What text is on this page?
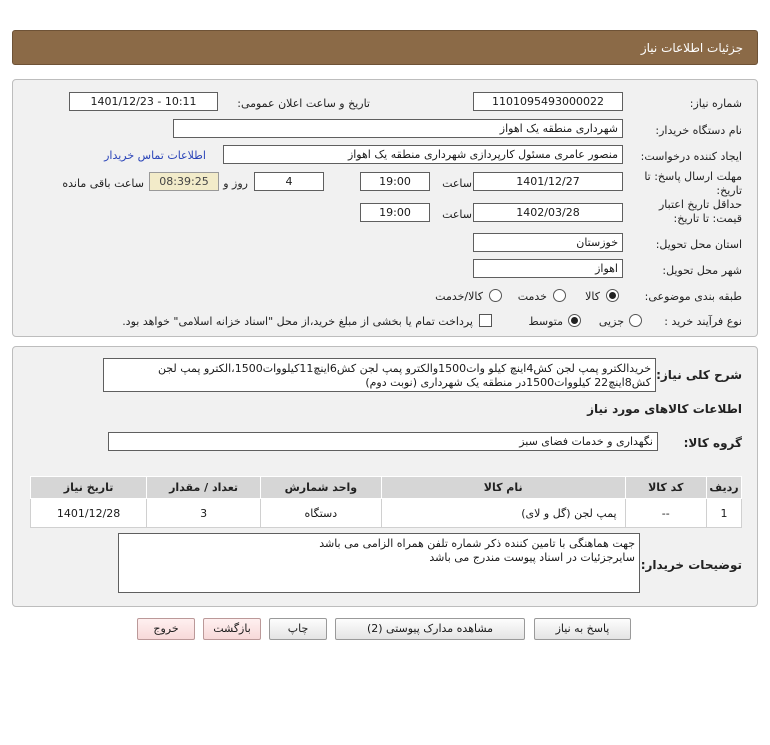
جزئیات اطلاعات نیاز
شماره نیاز:
1101095493000022
تاریخ و ساعت اعلان عمومی:
1401/12/23 - 10:11
نام دستگاه خریدار:
شهرداری منطقه یک اهواز
ایجاد کننده درخواست:
منصور عامری مسئول کارپردازی شهرداری منطقه یک اهواز
اطلاعات تماس خریدار
مهلت ارسال پاسخ: تا تاریخ:
1401/12/27
ساعت
19:00
4
روز و
08:39:25
ساعت باقی مانده
حداقل تاریخ اعتبار
قیمت: تا تاریخ:
1402/03/28
ساعت
19:00
استان محل تحویل:
خوزستان
شهر محل تحویل:
اهواز
طبقه بندی موضوعی:
کالا
خدمت
کالا/خدمت
نوع فرآیند خرید :
جزیی
متوسط
پرداخت تمام یا بخشی از مبلغ خرید،از محل "اسناد خزانه اسلامی" خواهد بود.
شرح کلی نیاز:
خریدالکترو پمپ لجن کش4اینچ کیلو وات1500والکترو پمپ لجن کش6اینچ11کیلووات1500،الکترو پمپ لجن کش8اینچ22 کیلووات1500در منطقه یک شهرداری (نوبت دوم)
اطلاعات کالاهای مورد نیاز
گروه کالا:
نگهداری و خدمات فضای سبز
ردیف	کد کالا	نام کالا	واحد شمارش	تعداد / مقدار	تاریخ نیاز
1	--	پمپ لجن (گل و لای)	دستگاه	3	1401/12/28
توضیحات خریدار:
جهت هماهنگی با تامین کننده ذکر شماره تلفن همراه الزامی می باشد
سایرجزئیات در اسناد پیوست مندرج می باشد
پاسخ به نیاز
مشاهده مدارک پیوستی (2)
چاپ
بازگشت
خروج
